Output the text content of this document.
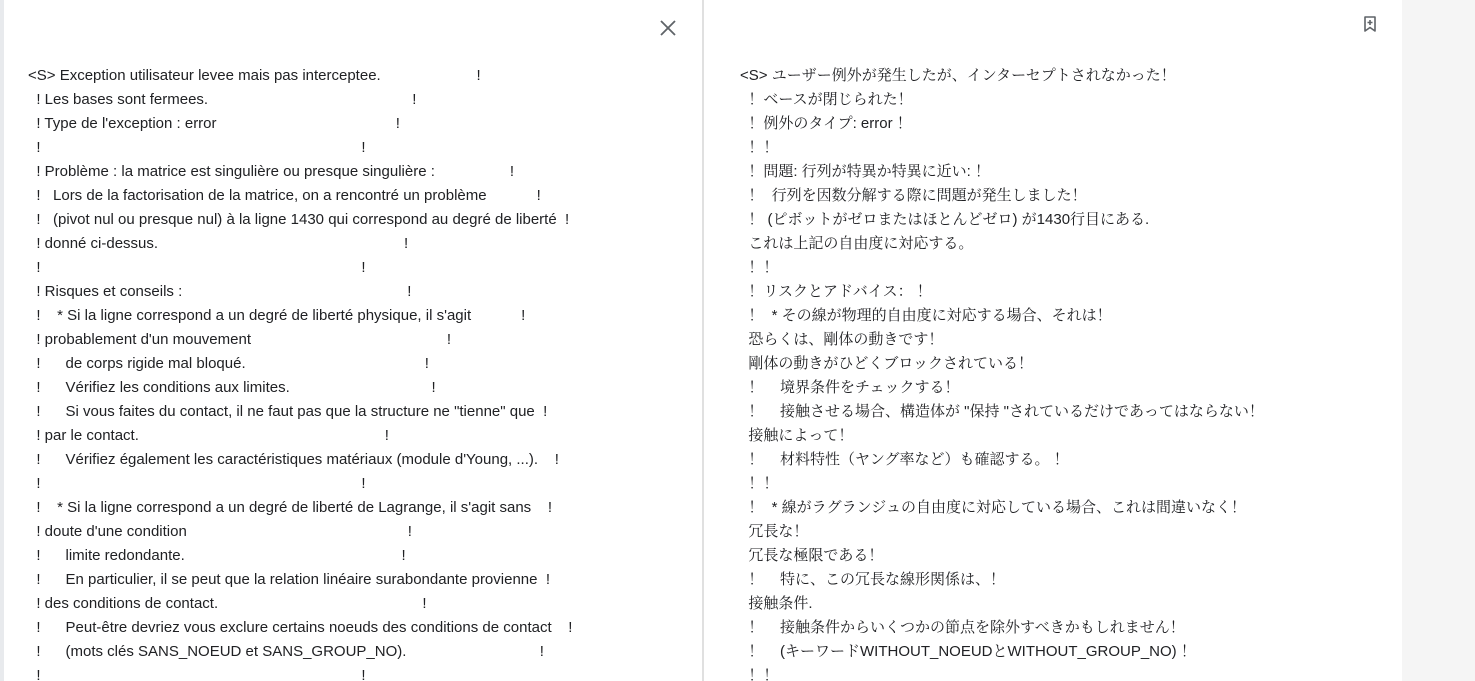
<S> Exception utilisateur levee mais pas interceptee.                       !
! Les bases sont fermees.                                                 !
! Type de l'exception : error                                           !
!                                                                             !
! Problème : la matrice est singulière ou presque singulière :                  !
!   Lors de la factorisation de la matrice, on a rencontré un problème            !
!   (pivot nul ou presque nul) à la ligne 1430 qui correspond au degré de liberté  !
! donné ci-dessus.                                                           !
!                                                                             !
! Risques et conseils :                                                      !
!    * Si la ligne correspond a un degré de liberté physique, il s'agit            !
! probablement d'un mouvement                                               !
!      de corps rigide mal bloqué.                                           !
!      Vérifiez les conditions aux limites.                                  !
!      Si vous faites du contact, il ne faut pas que la structure ne "tienne" que  !
! par le contact.                                                           !
!      Vérifiez également les caractéristiques matériaux (module d'Young, ...).    !
!                                                                             !
!    * Si la ligne correspond a un degré de liberté de Lagrange, il s'agit sans    !
! doute d'une condition                                                     !
!      limite redondante.                                                    !
!      En particulier, il se peut que la relation linéaire surabondante provienne  !
! des conditions de contact.                                                 !
!      Peut-être devriez vous exclure certains noeuds des conditions de contact    !
!      (mots clés SANS_NOEUD et SANS_GROUP_NO).                                !
!                                                                             !
<S> ユーザー例外が発生したが、インターセプトされなかった！
！ベースが閉じられた！
！例外のタイプ: error ！
！！
！問題: 行列が特異か特異に近い: ！
！  行列を因数分解する際に問題が発生しました！
！ (ピボットがゼロまたはほとんどゼロ) が1430行目にある.
これは上記の自由度に対応する。
！！
！リスクとアドバイス： ！
！  * その線が物理的自由度に対応する場合、それは！
恐らくは、剛体の動きです！
剛体の動きがひどくブロックされている！
！    境界条件をチェックする！
！    接触させる場合、構造体が "保持 "されているだけであってはならない！
接触によって！
！    材料特性（ヤング率など）も確認する。 ！
！！
！  * 線がラグランジュの自由度に対応している場合、これは間違いなく！
冗長な！
冗長な極限である！
！    特に、この冗長な線形関係は、！
接触条件.
！    接触条件からいくつかの節点を除外すべきかもしれません！
！    (キーワードWITHOUT_NOEUDとWITHOUT_GROUP_NO) ！
！！
